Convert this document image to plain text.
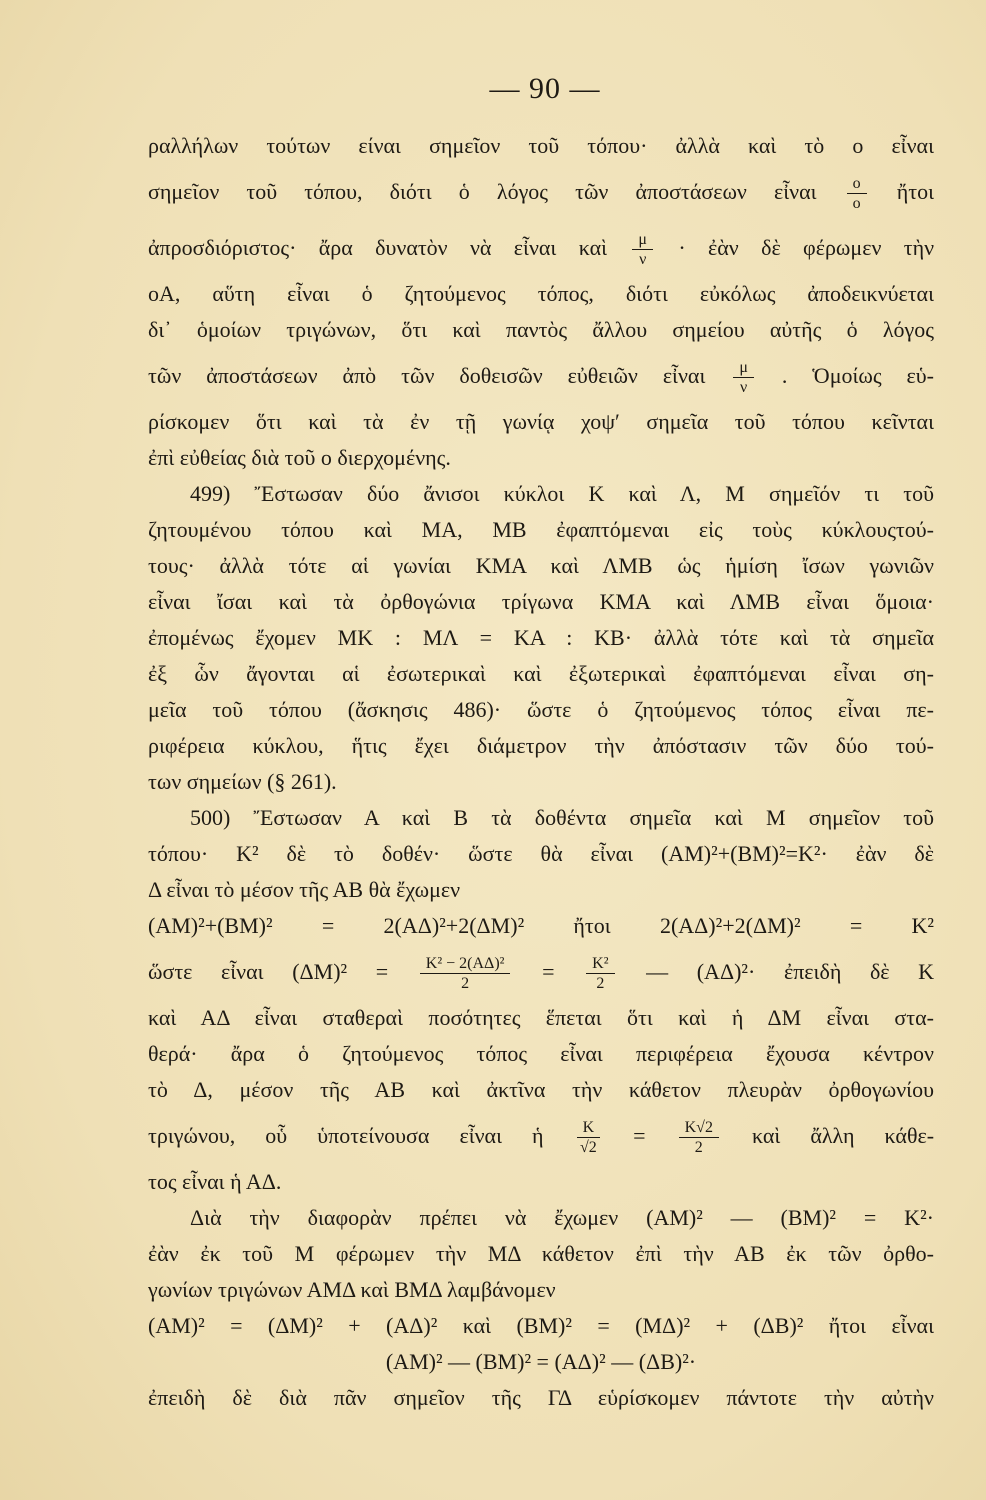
— 90 —
ραλλήλων τούτων είναι σημεῖον τοῦ τόπου· ἀλλὰ καὶ τὸ ο εἶναι
σημεῖον τοῦ τόπου, διότι ὁ λόγος τῶν ἀποστάσεων εἶναι $\frac{o}{o}$ ἤτοι
ἀπροσδιόριστος· ἄρα δυνατὸν νὰ εἶναι καὶ $\frac{\mu}{\nu}$ · ἐὰν δὲ φέρωμεν τὴν
οΑ, αὕτη εἶναι ὁ ζητούμενος τόπος, διότι εὐκόλως ἀποδεικνύεται
δι᾽ ὁμοίων τριγώνων, ὅτι καὶ παντὸς ἄλλου σημείου αὐτῆς ὁ λόγος
τῶν ἀποστάσεων ἀπὸ τῶν δοθεισῶν εὐθειῶν εἶναι $\frac{\mu}{\nu}$ . Ὁμοίως εὑ-
ρίσκομεν ὅτι καὶ τὰ ἐν τῇ γωνίᾳ χοψ′ σημεῖα τοῦ τόπου κεῖνται
ἐπὶ εὐθείας διὰ τοῦ ο διερχομένης.
499) Ἔστωσαν δύο ἄνισοι κύκλοι Κ καὶ Λ, Μ σημεῖόν τι τοῦ
ζητουμένου τόπου καὶ ΜΑ, ΜΒ ἐφαπτόμεναι εἰς τοὺς κύκλουςτού-
τους· ἀλλὰ τότε αἱ γωνίαι ΚΜΑ καὶ ΛΜΒ ὡς ἡμίση ἴσων γωνιῶν
εἶναι ἴσαι καὶ τὰ ὀρθογώνια τρίγωνα ΚΜΑ καὶ ΛΜΒ εἶναι ὅμοια·
ἐπομένως ἔχομεν ΜΚ : ΜΛ = ΚΑ : ΚΒ· ἀλλὰ τότε καὶ τὰ σημεῖα
ἐξ ὧν ἄγονται αἱ ἐσωτερικαὶ καὶ ἐξωτερικαὶ ἐφαπτόμεναι εἶναι ση-
μεῖα τοῦ τόπου (ἄσκησις 486)· ὥστε ὁ ζητούμενος τόπος εἶναι πε-
ριφέρεια κύκλου, ἥτις ἔχει διάμετρον τὴν ἀπόστασιν τῶν δύο τού-
των σημείων (§ 261).
500) Ἔστωσαν Α καὶ Β τὰ δοθέντα σημεῖα καὶ Μ σημεῖον τοῦ
τόπου· Κ² δὲ τὸ δοθέν· ὥστε θὰ εἶναι (ΑΜ)²+(ΒΜ)²=Κ²· ἐὰν δὲ
Δ εἶναι τὸ μέσον τῆς ΑΒ θὰ ἔχωμεν
(ΑΜ)²+(ΒΜ)² = 2(ΑΔ)²+2(ΔΜ)² ἤτοι 2(ΑΔ)²+2(ΔΜ)² = Κ²
ὥστε εἶναι $(\Delta M)^2 = \frac{\text{Κ² − 2(ΑΔ)²}}{2} = \frac{\text{Κ²}}{2}$ — (ΑΔ)²· ἐπειδὴ δὲ Κ
καὶ ΑΔ εἶναι σταθεραὶ ποσότητες ἕπεται ὅτι καὶ ἡ ΔΜ εἶναι στα-
θερά· ἄρα ὁ ζητούμενος τόπος εἶναι περιφέρεια ἔχουσα κέντρον
τὸ Δ, μέσον τῆς ΑΒ καὶ ἀκτῖνα τὴν κάθετον πλευρὰν ὀρθογωνίου
τριγώνου, οὗ ὑποτείνουσα εἶναι ἡ $\frac{K}{√2} = \frac{K√2}{2}$ καὶ ἄλλη κάθε-
τος εἶναι ἡ ΑΔ.
Διὰ τὴν διαφορὰν πρέπει νὰ ἔχωμεν (ΑΜ)² — (ΒΜ)² = Κ²·
ἐὰν ἐκ τοῦ Μ φέρωμεν τὴν ΜΔ κάθετον ἐπὶ τὴν ΑΒ ἐκ τῶν ὀρθο-
γωνίων τριγώνων ΑΜΔ καὶ ΒΜΔ λαμβάνομεν
(ΑΜ)² = (ΔΜ)² + (ΑΔ)² καὶ (ΒΜ)² = (ΜΔ)² + (ΔΒ)² ἤτοι εἶναι
(ΑΜ)² — (ΒΜ)² = (ΑΔ)² — (ΔΒ)²·
ἐπειδὴ δὲ διὰ πᾶν σημεῖον τῆς ΓΔ εὑρίσκομεν πάντοτε τὴν αὐτὴν
